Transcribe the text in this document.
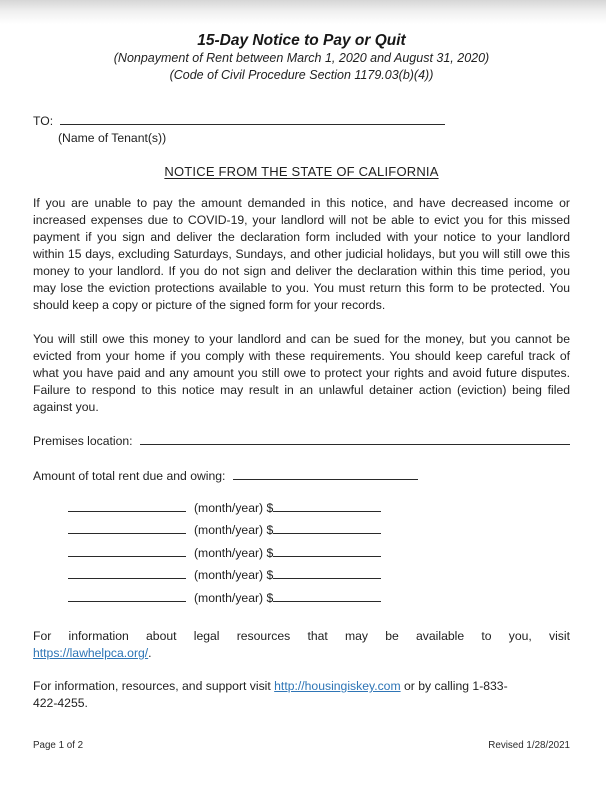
15-Day Notice to Pay or Quit
(Nonpayment of Rent between March 1, 2020 and August 31, 2020)
(Code of Civil Procedure Section 1179.03(b)(4))
TO:
(Name of Tenant(s))
NOTICE FROM THE STATE OF CALIFORNIA

If you are unable to pay the amount demanded in this notice, and have decreased income or increased expenses due to COVID-19, your landlord will not be able to evict you for this missed payment if you sign and deliver the declaration form included with your notice to your landlord within 15 days, excluding Saturdays, Sundays, and other judicial holidays, but you will still owe this money to your landlord. If you do not sign and deliver the declaration within this time period, you may lose the eviction protections available to you. You must return this form to be protected. You should keep a copy or picture of the signed form for your records.

You will still owe this money to your landlord and can be sued for the money, but you cannot be evicted from your home if you comply with these requirements. You should keep careful track of what you have paid and any amount you still owe to protect your rights and avoid future disputes. Failure to respond to this notice may result in an unlawful detainer action (eviction) being filed against you.

Premises location:
Amount of total rent due and owing:
(month/year) $
(month/year) $
(month/year) $
(month/year) $
(month/year) $
For information about legal resources that may be available to you, visit
https://lawhelpca.org/.
For information, resources, and support visit http://housingiskey.com or by calling 1-833-
422-4255.
Page 1 of 2	Revised 1/28/2021
